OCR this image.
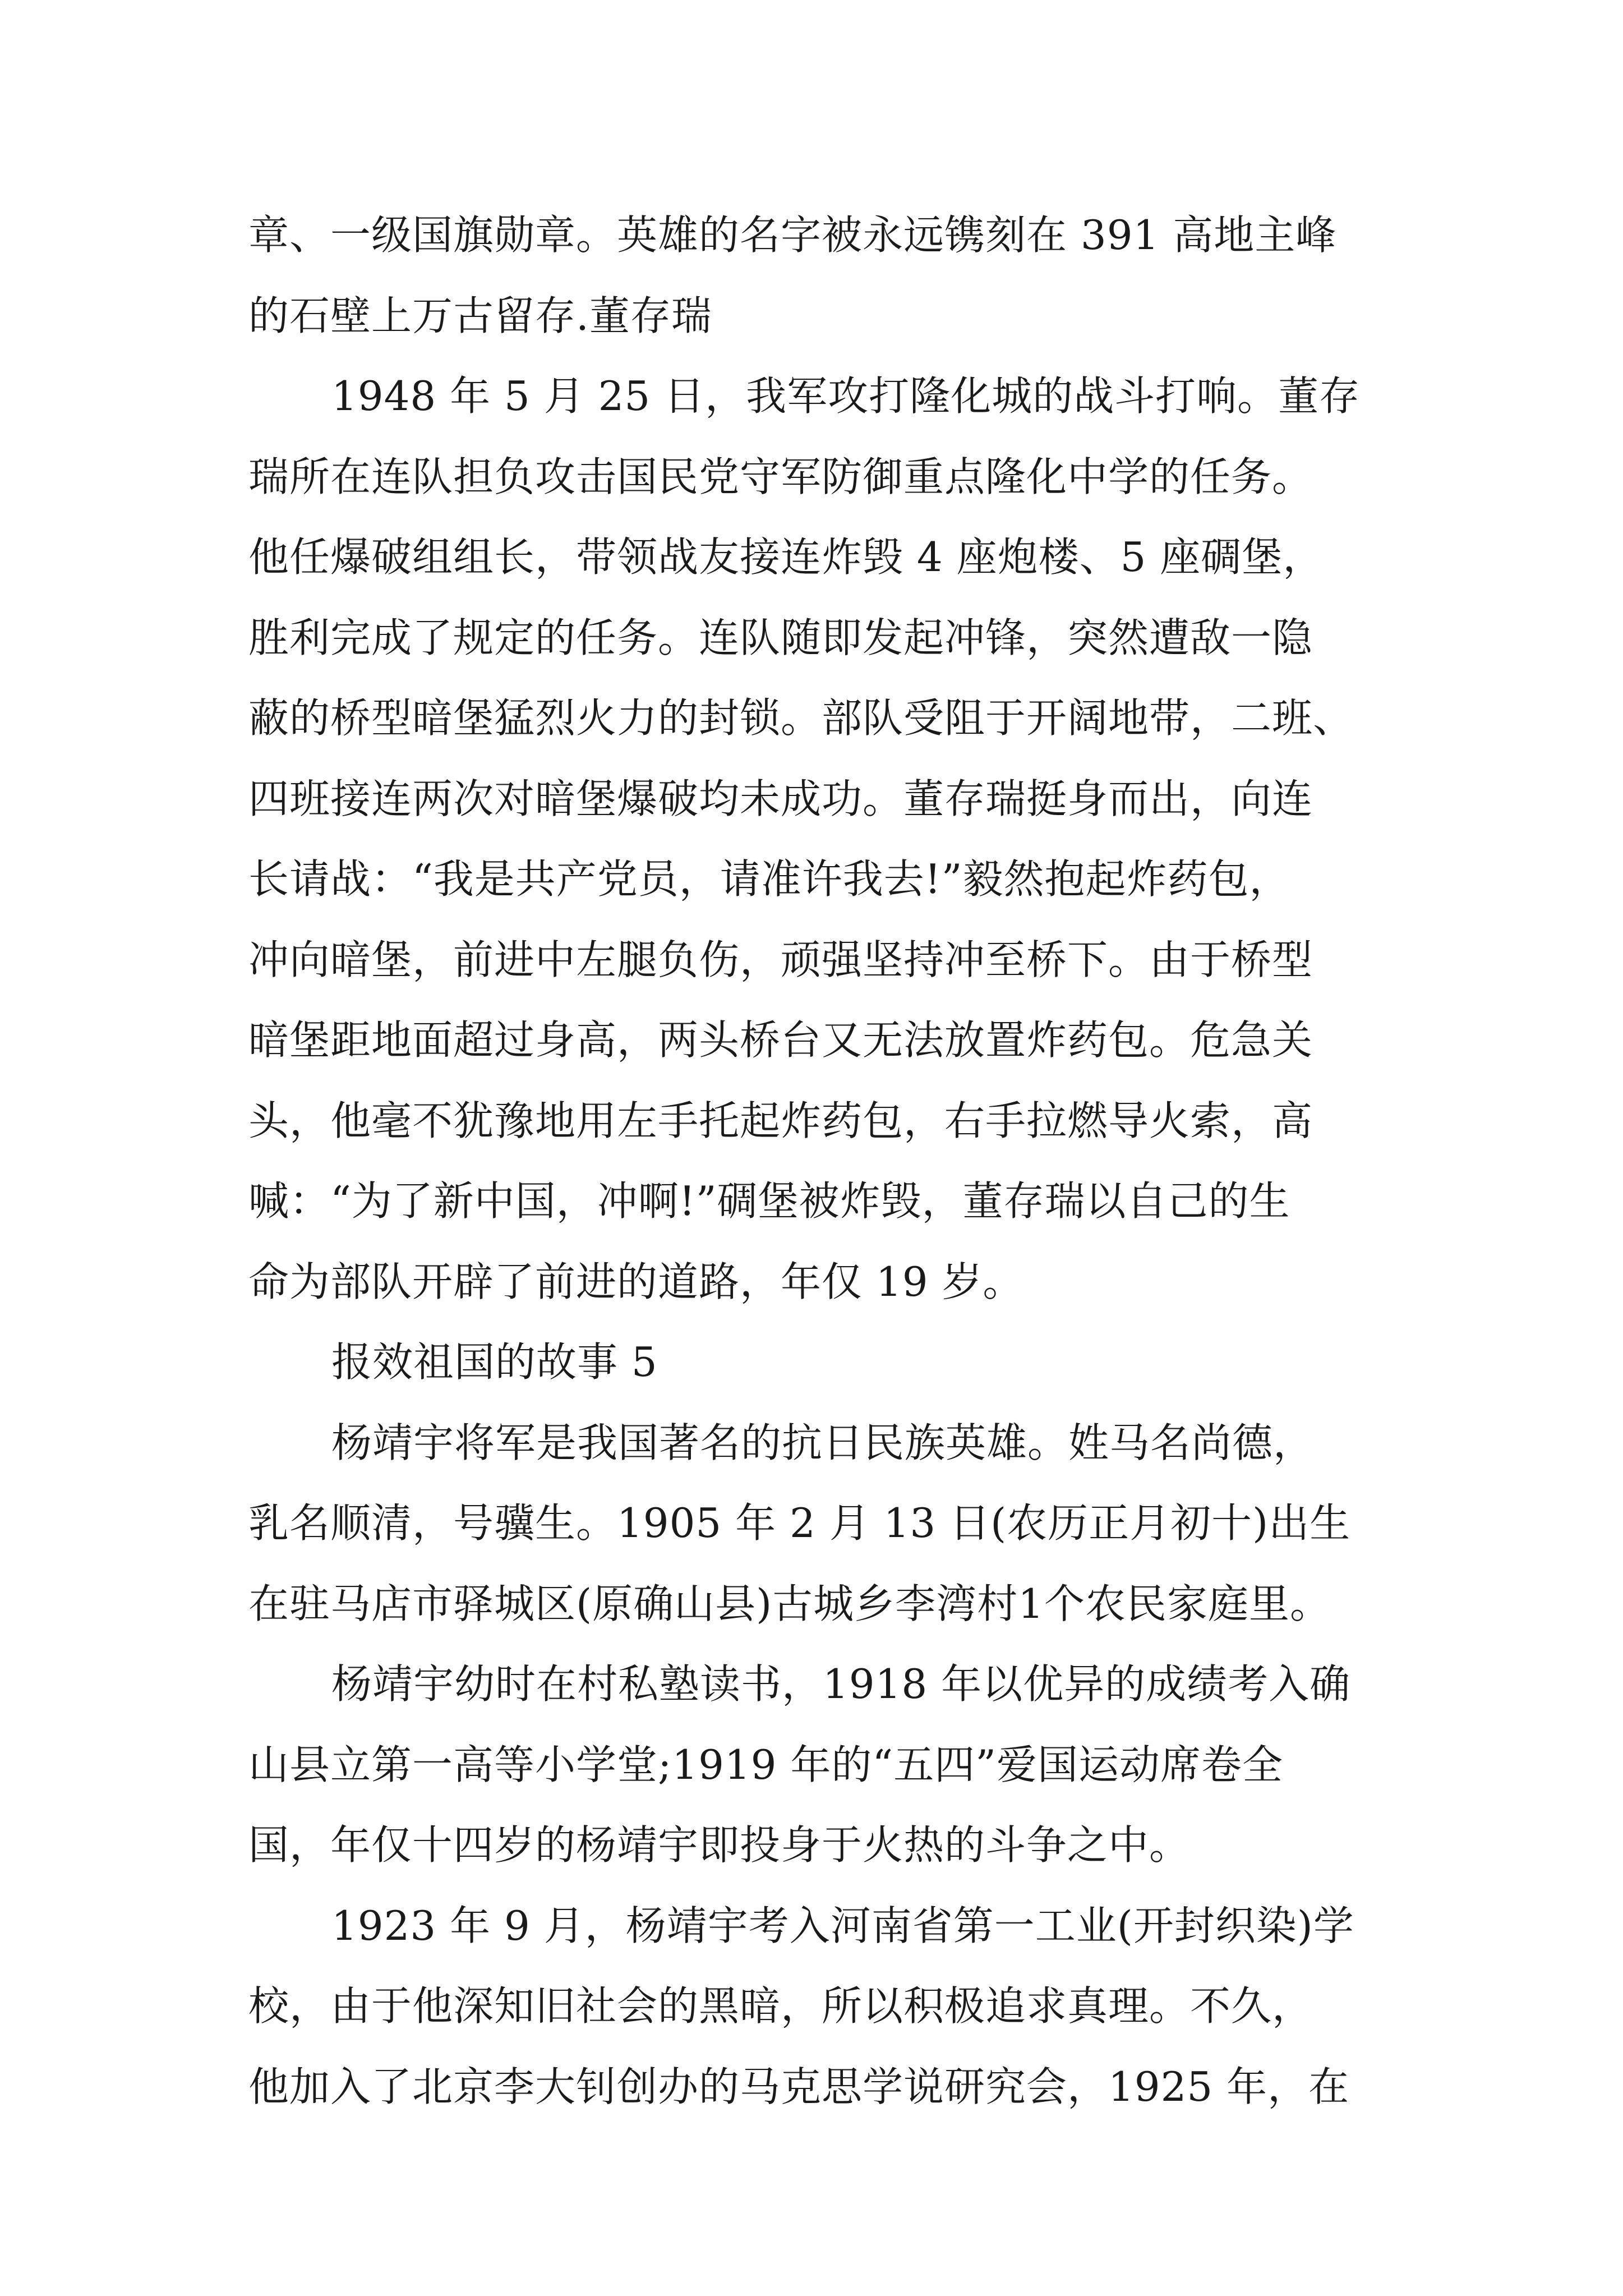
章、一级国旗勋章。英雄的名字被永远镌刻在 391 高地主峰
的石壁上万古留存.董存瑞
1948 年 5 月 25 日，我军攻打隆化城的战斗打响。董存
瑞所在连队担负攻击国民党守军防御重点隆化中学的任务。
他任爆破组组长，带领战友接连炸毁 4 座炮楼、5 座碉堡，
胜利完成了规定的任务。连队随即发起冲锋，突然遭敌一隐
蔽的桥型暗堡猛烈火力的封锁。部队受阻于开阔地带，二班、
四班接连两次对暗堡爆破均未成功。董存瑞挺身而出，向连
长请战：“我是共产党员，请准许我去!”毅然抱起炸药包，
冲向暗堡，前进中左腿负伤，顽强坚持冲至桥下。由于桥型
暗堡距地面超过身高，两头桥台又无法放置炸药包。危急关
头，他毫不犹豫地用左手托起炸药包，右手拉燃导火索，高
喊：“为了新中国，冲啊!”碉堡被炸毁，董存瑞以自己的生
命为部队开辟了前进的道路，年仅 19 岁。
报效祖国的故事 5
杨靖宇将军是我国著名的抗日民族英雄。姓马名尚德，
乳名顺清，号骥生。1905 年 2 月 13 日(农历正月初十)出生
在驻马店市驿城区(原确山县)古城乡李湾村1个农民家庭里。
杨靖宇幼时在村私塾读书，1918 年以优异的成绩考入确
山县立第一高等小学堂;1919 年的“五四”爱国运动席卷全
国，年仅十四岁的杨靖宇即投身于火热的斗争之中。
1923 年 9 月，杨靖宇考入河南省第一工业(开封织染)学
校，由于他深知旧社会的黑暗，所以积极追求真理。不久，
他加入了北京李大钊创办的马克思学说研究会，1925 年，在
